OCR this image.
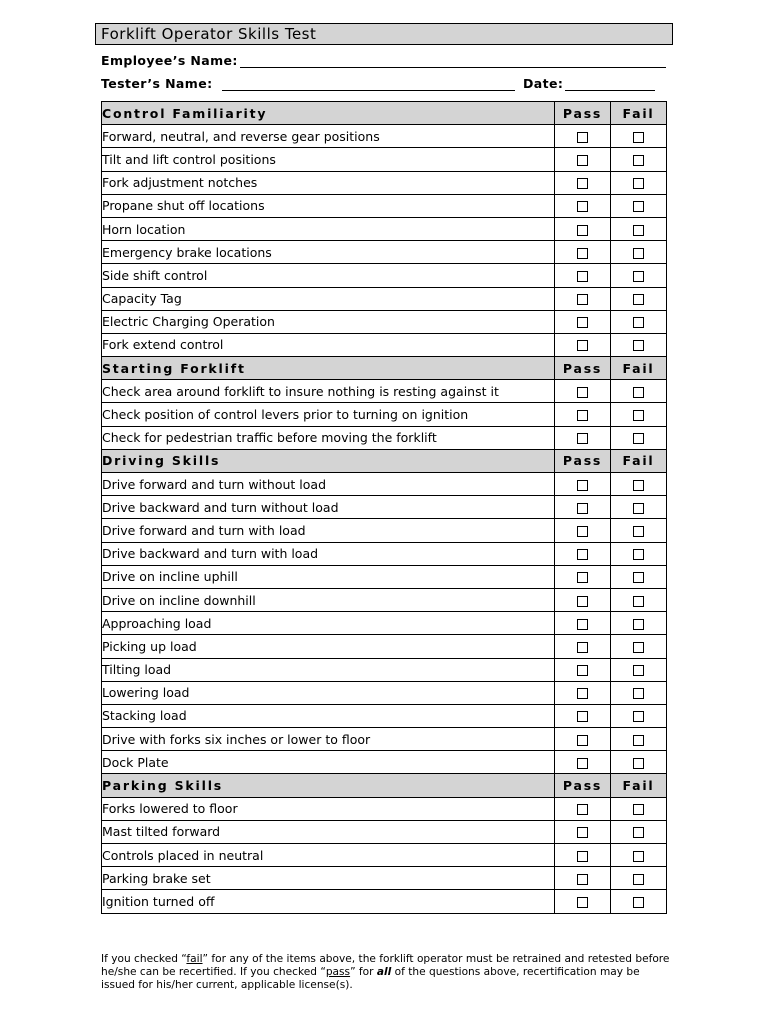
Forklift Operator Skills Test
Employee’s Name:
Tester’s Name:	Date:
Control Familiarity	Pass	Fail
Forward, neutral, and reverse gear positions		
Tilt and lift control positions		
Fork adjustment notches		
Propane shut off locations		
Horn location		
Emergency brake locations		
Side shift control		
Capacity Tag		
Electric Charging Operation		
Fork extend control		
Starting Forklift	Pass	Fail
Check area around forklift to insure nothing is resting against it		
Check position of control levers prior to turning on ignition		
Check for pedestrian traffic before moving the forklift		
Driving Skills	Pass	Fail
Drive forward and turn without load		
Drive backward and turn without load		
Drive forward and turn with load		
Drive backward and turn with load		
Drive on incline uphill		
Drive on incline downhill		
Approaching load		
Picking up load		
Tilting load		
Lowering load		
Stacking load		
Drive with forks six inches or lower to floor		
Dock Plate		
Parking Skills	Pass	Fail
Forks lowered to floor		
Mast tilted forward		
Controls placed in neutral		
Parking brake set		
Ignition turned off		
If you checked “fail” for any of the items above, the forklift operator must be retrained and retested before he/she can be recertified. If you checked “pass” for all of the questions above, recertification may be issued for his/her current, applicable license(s).
